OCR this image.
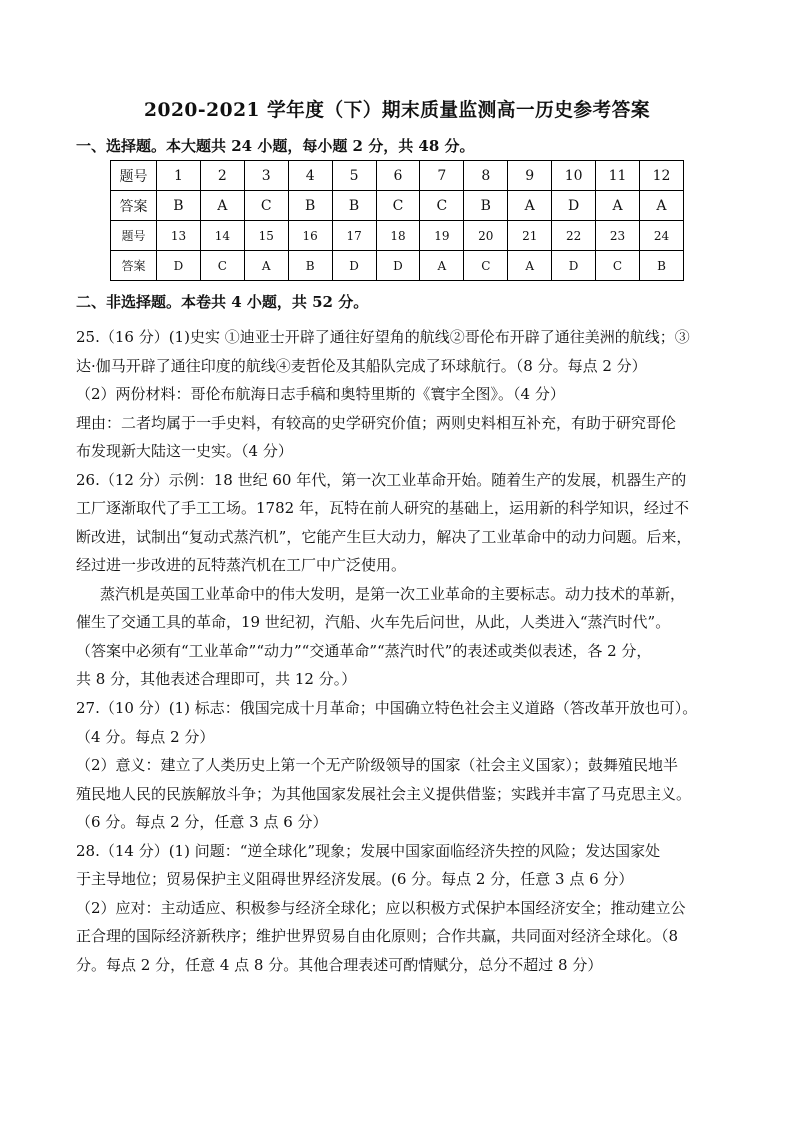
2020-2021 学年度（下）期末质量监测高一历史参考答案
一、选择题。本大题共 24 小题，每小题 2 分，共 48 分。
题号	1	2	3	4	5	6	7	8	9	10	11	12
答案	B	A	C	B	B	C	C	B	A	D	A	A
题号	13	14	15	16	17	18	19	20	21	22	23	24
答案	D	C	A	B	D	D	A	C	A	D	C	B
二、非选择题。本卷共 4 小题，共 52 分。
25.（16 分）(1)史实 ①迪亚士开辟了通往好望角的航线②哥伦布开辟了通往美洲的航线；③
达·伽马开辟了通往印度的航线④麦哲伦及其船队完成了环球航行。（8 分。每点 2 分）
（2）两份材料：哥伦布航海日志手稿和奥特里斯的《寰宇全图》。（4 分）
理由：二者均属于一手史料，有较高的史学研究价值；两则史料相互补充，有助于研究哥伦
布发现新大陆这一史实。（4 分）
26.（12 分）示例：18 世纪 60 年代，第一次工业革命开始。随着生产的发展，机器生产的
工厂逐渐取代了手工工场。1782 年，瓦特在前人研究的基础上，运用新的科学知识，经过不
断改进，试制出“复动式蒸汽机”，它能产生巨大动力，解决了工业革命中的动力问题。后来，
经过进一步改进的瓦特蒸汽机在工厂中广泛使用。
蒸汽机是英国工业革命中的伟大发明，是第一次工业革命的主要标志。动力技术的革新，
催生了交通工具的革命，19 世纪初，汽船、火车先后问世，从此，人类进入“蒸汽时代”。
（答案中必须有“工业革命”“动力”“交通革命”“蒸汽时代”的表述或类似表述，各 2 分，
共 8 分，其他表述合理即可，共 12 分。）
27.（10 分）(1) 标志：俄国完成十月革命；中国确立特色社会主义道路（答改革开放也可）。
（4 分。每点 2 分）
（2）意义：建立了人类历史上第一个无产阶级领导的国家（社会主义国家）；鼓舞殖民地半
殖民地人民的民族解放斗争；为其他国家发展社会主义提供借鉴；实践并丰富了马克思主义。
（6 分。每点 2 分，任意 3 点 6 分）
28.（14 分）(1) 问题：“逆全球化”现象；发展中国家面临经济失控的风险；发达国家处
于主导地位；贸易保护主义阻碍世界经济发展。(6 分。每点 2 分，任意 3 点 6 分）
（2）应对：主动适应、积极参与经济全球化；应以积极方式保护本国经济安全；推动建立公
正合理的国际经济新秩序；维护世界贸易自由化原则；合作共赢，共同面对经济全球化。（8
分。每点 2 分，任意 4 点 8 分。其他合理表述可酌情赋分，总分不超过 8 分）
